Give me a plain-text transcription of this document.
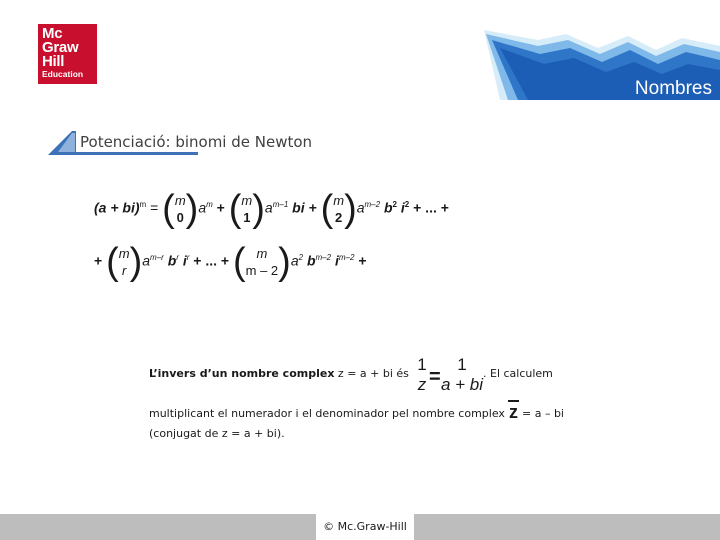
Mc
Graw
Hill
Education
Nombres
complexos
Potenciació: binomi de Newton
(a + bi)$^m$ = ( m
0 )$a^m$ + ( m
1 )$a^{m-1}$ bi + ( m
2 )$a^{m-2}$ $b^2$ $i^2$ + ... +
+ ( m
r )$a^{m-r}$ $b^r$ $i^r$ + ... + ( m
m – 2 )$a^2$ $b^{m-2}$ $i^{m-2}$ +
L’invers d’un nombre complex z = a + bi és 1
z =
1
a + bi
. El calculem
multiplicant el numerador i el denominador pel nombre complex z = a – bi
(conjugat de z = a + bi).
© Mc.Graw-Hill
